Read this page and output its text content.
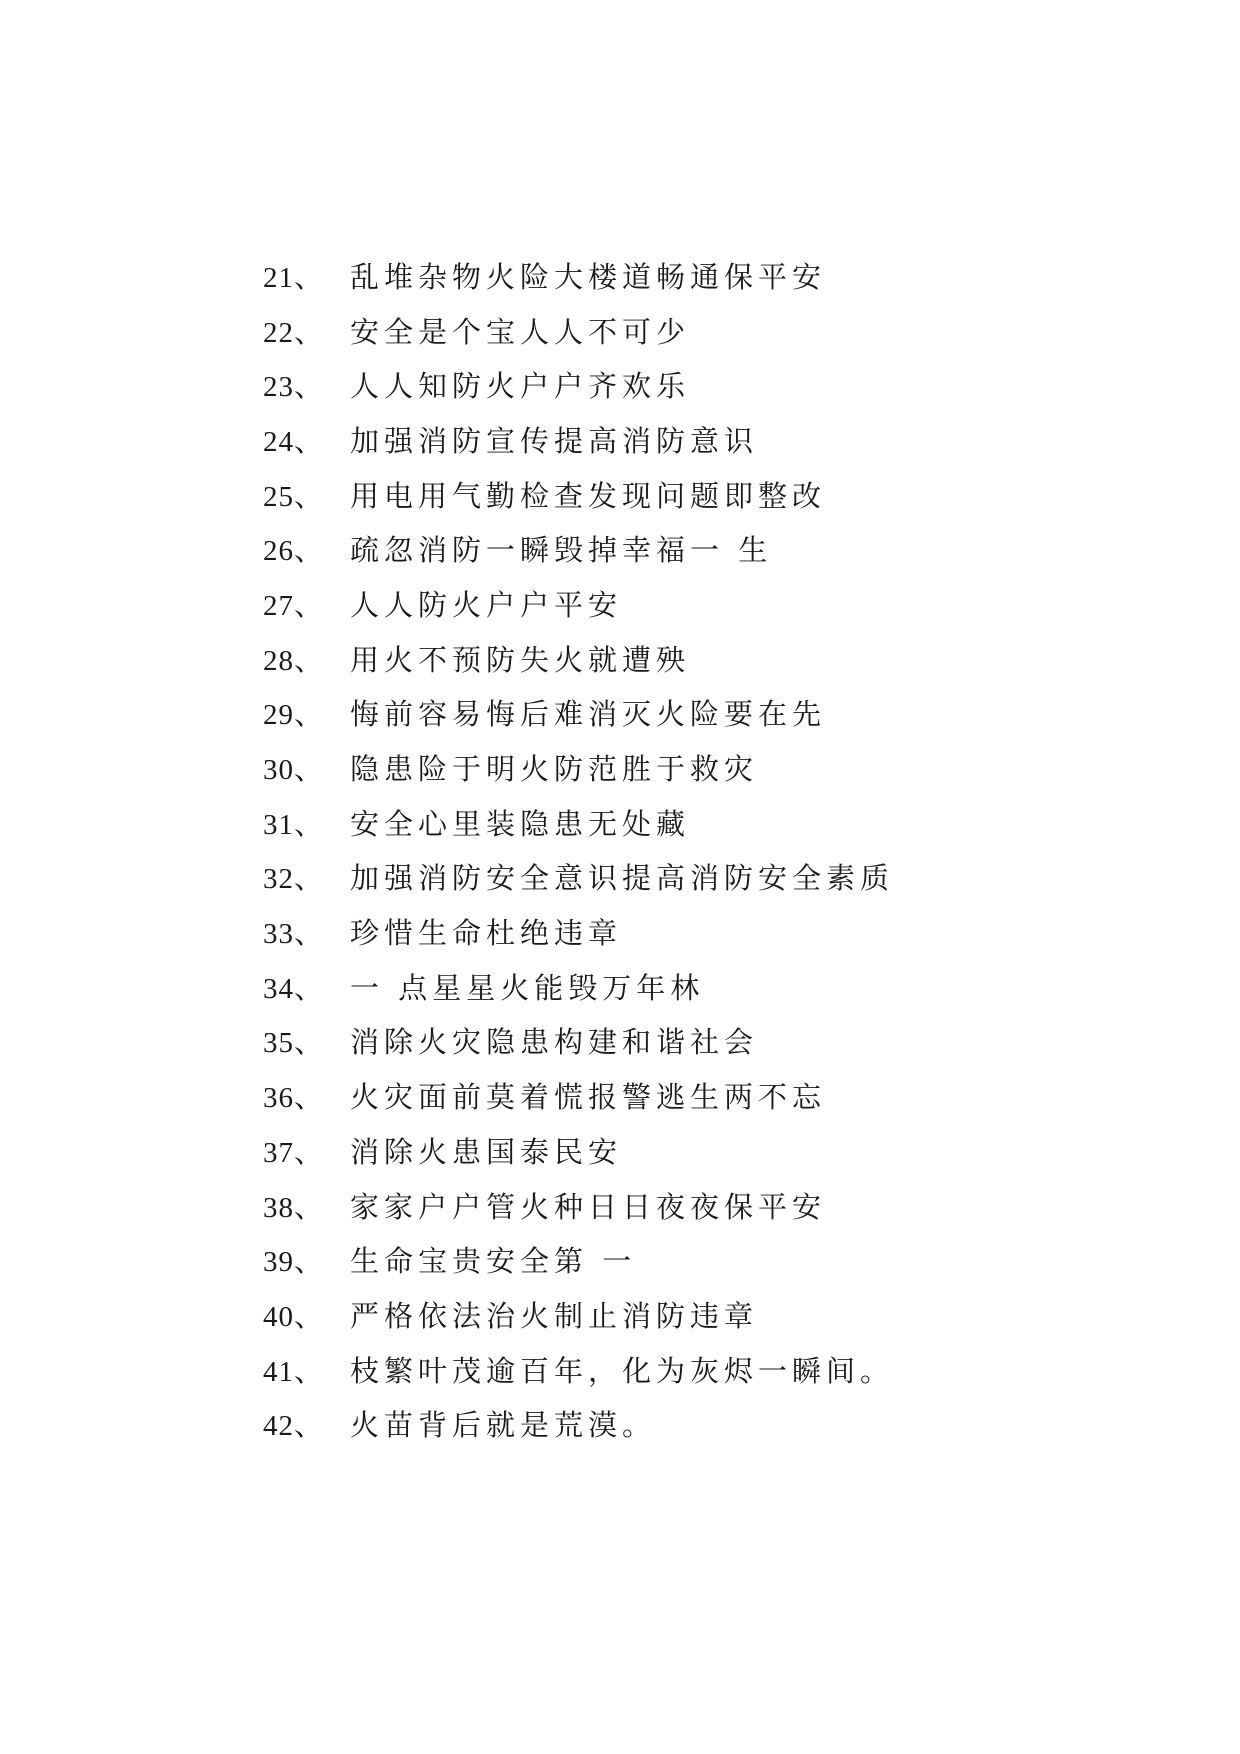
21、 乱堆杂物火险大楼道畅通保平安
22、 安全是个宝人人不可少
23、 人人知防火户户齐欢乐
24、 加强消防宣传提高消防意识
25、 用电用气勤检查发现问题即整改
26、 疏忽消防一瞬毁掉幸福一 生
27、 人人防火户户平安
28、 用火不预防失火就遭殃
29、 悔前容易悔后难消灭火险要在先
30、 隐患险于明火防范胜于救灾
31、 安全心里装隐患无处藏
32、 加强消防安全意识提高消防安全素质
33、 珍惜生命杜绝违章
34、 一 点星星火能毁万年林
35、 消除火灾隐患构建和谐社会
36、 火灾面前莫着慌报警逃生两不忘
37、 消除火患国泰民安
38、 家家户户管火种日日夜夜保平安
39、 生命宝贵安全第 一
40、 严格依法治火制止消防违章
41、 枝繁叶茂逾百年，化为灰烬一瞬间。
42、 火苗背后就是荒漠。
